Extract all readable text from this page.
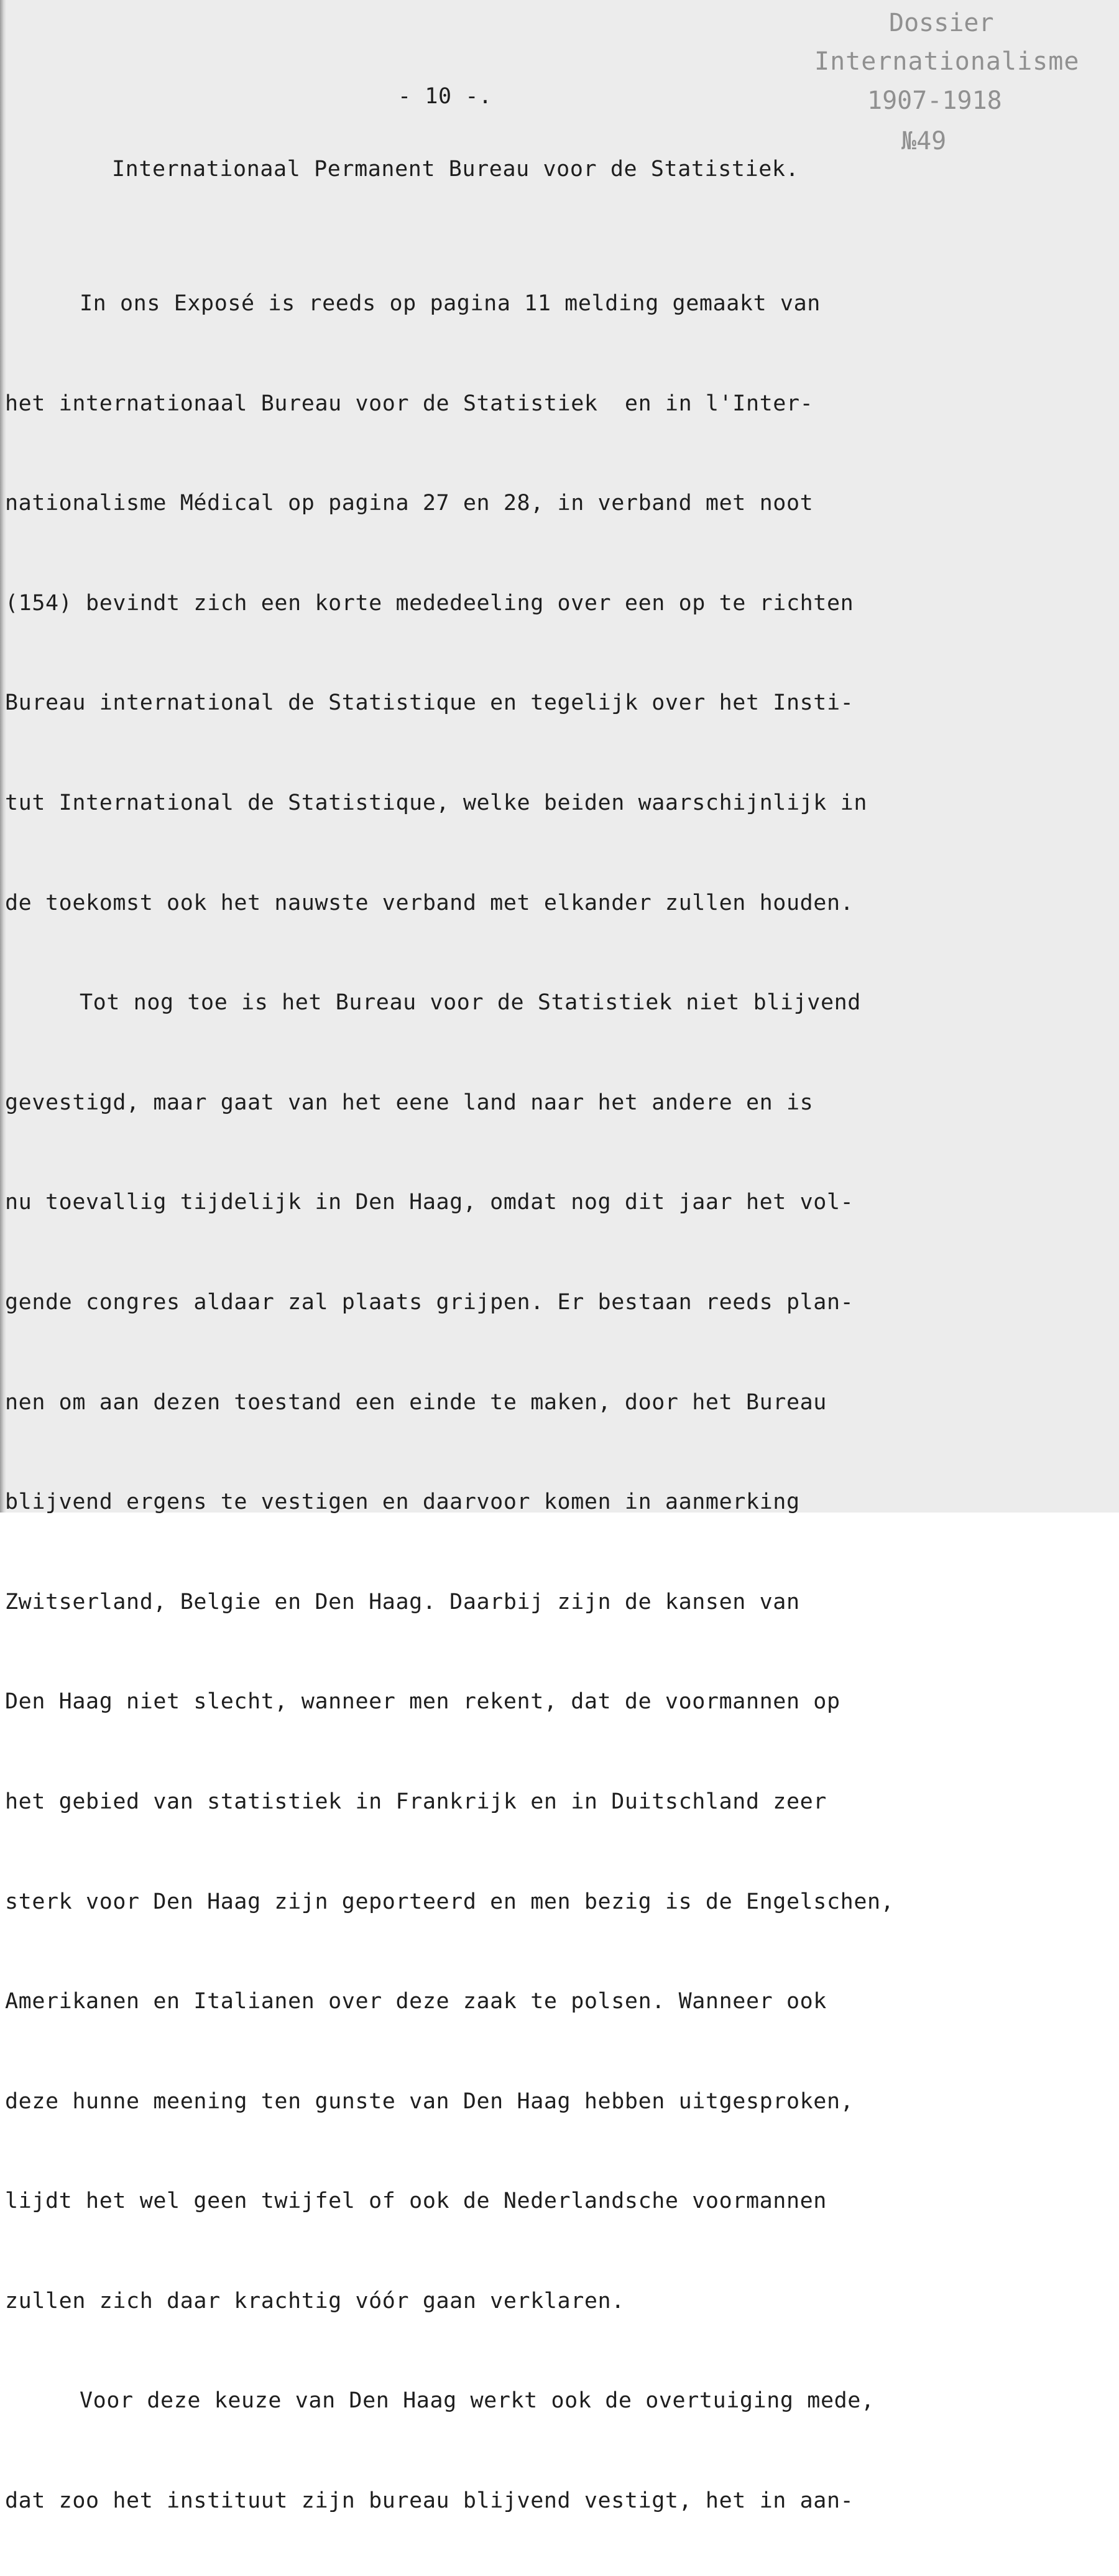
Dossier
Internationalisme
1907-1918
№49
- 10 -.
Internationaal Permanent Bureau voor de Statistiek.

In ons Exposé is reeds op pagina 11 melding gemaakt van

het internationaal Bureau voor de Statistiek  en in l'Inter-

nationalisme Médical op pagina 27 en 28, in verband met noot

(154) bevindt zich een korte mededeeling over een op te richten

Bureau international de Statistique en tegelijk over het Insti-

tut International de Statistique, welke beiden waarschijnlijk in

de toekomst ook het nauwste verband met elkander zullen houden.

Tot nog toe is het Bureau voor de Statistiek niet blijvend

gevestigd, maar gaat van het eene land naar het andere en is

nu toevallig tijdelijk in Den Haag, omdat nog dit jaar het vol-

gende congres aldaar zal plaats grijpen. Er bestaan reeds plan-

nen om aan dezen toestand een einde te maken, door het Bureau

blijvend ergens te vestigen en daarvoor komen in aanmerking

Zwitserland, Belgie en Den Haag. Daarbij zijn de kansen van

Den Haag niet slecht, wanneer men rekent, dat de voormannen op

het gebied van statistiek in Frankrijk en in Duitschland zeer

sterk voor Den Haag zijn geporteerd en men bezig is de Engelschen,

Amerikanen en Italianen over deze zaak te polsen. Wanneer ook

deze hunne meening ten gunste van Den Haag hebben uitgesproken,

lijdt het wel geen twijfel of ook de Nederlandsche voormannen

zullen zich daar krachtig vóór gaan verklaren.

Voor deze keuze van Den Haag werkt ook de overtuiging mede,

dat zoo het instituut zijn bureau blijvend vestigt, het in aan-
